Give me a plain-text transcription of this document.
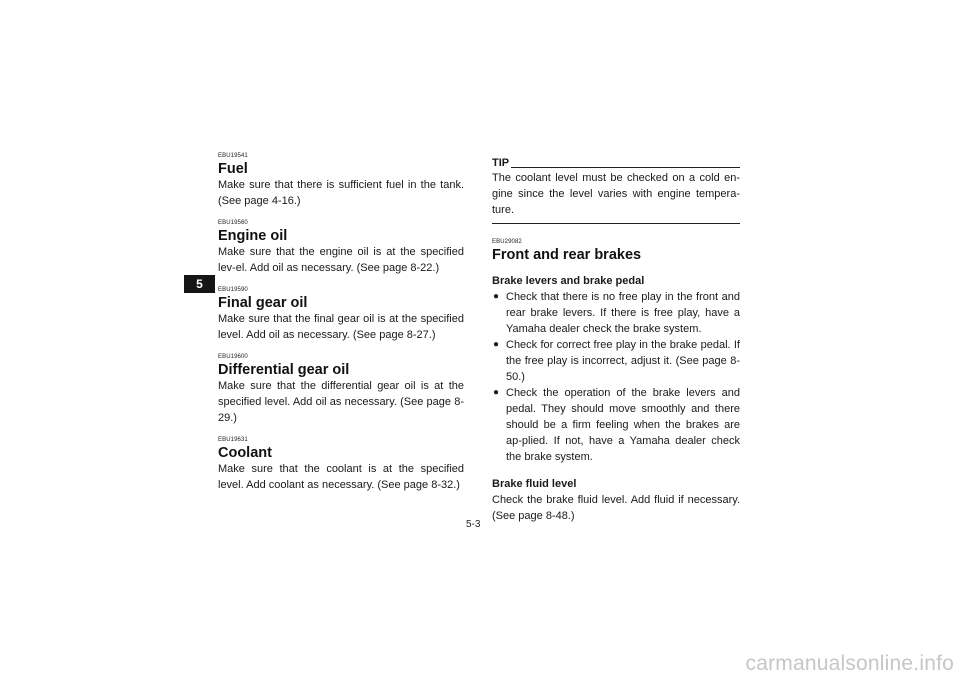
5
EBU19541
Fuel

Make sure that there is sufficient fuel in the tank. (See page 4-16.)

EBU19560
Engine oil

Make sure that the engine oil is at the specified lev-el. Add oil as necessary. (See page 8-22.)

EBU19590
Final gear oil

Make sure that the final gear oil is at the specified level. Add oil as necessary. (See page 8-27.)

EBU19600
Differential gear oil

Make sure that the differential gear oil is at the specified level. Add oil as necessary. (See page 8-29.)

EBU19631
Coolant

Make sure that the coolant is at the specified level. Add coolant as necessary. (See page 8-32.)

TIP

The coolant level must be checked on a cold en-gine since the level varies with engine tempera-ture.

EBU29082
Front and rear brakes
Brake levers and brake pedal
● Check that there is no free play in the front and rear brake levers. If there is free play, have a Yamaha dealer check the brake system.
● Check for correct free play in the brake pedal. If the free play is incorrect, adjust it. (See page 8-50.)
● Check the operation of the brake levers and pedal. They should move smoothly and there should be a firm feeling when the brakes are ap-plied. If not, have a Yamaha dealer check the brake system.
Brake fluid level

Check the brake fluid level. Add fluid if necessary. (See page 8-48.)

5-3
carmanualsonline.info
